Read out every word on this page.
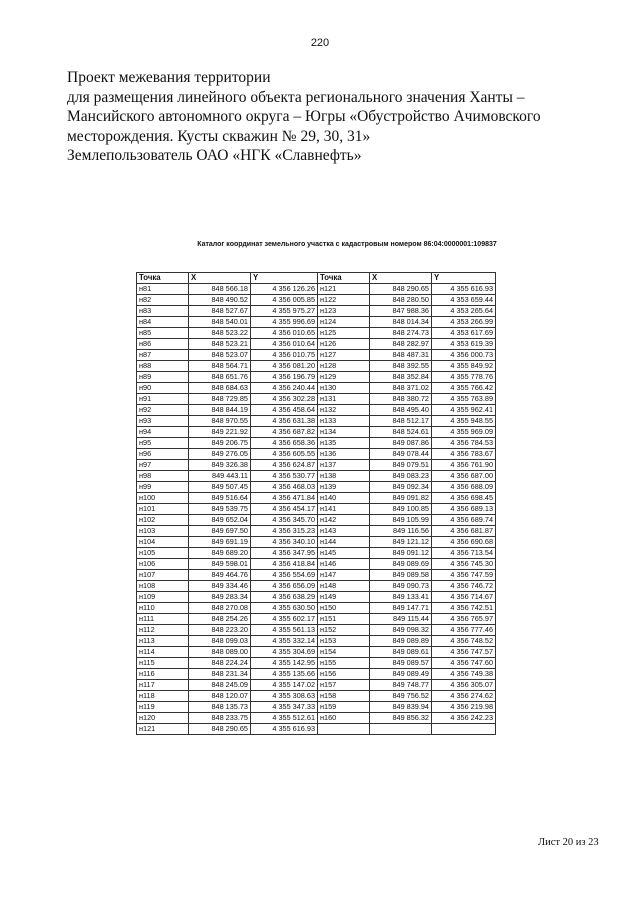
220
Проект межевания территории
для размещения линейного объекта регионального значения Ханты –
Мансийского автономного округа – Югры «Обустройство Ачимовского
месторождения. Кусты скважин № 29, 30, 31»
Землепользователь ОАО «НГК «Славнефть»
Каталог координат земельного участка с кадастровым номером 86:04:0000001:109837
Точка	X	Y	Точка	X	Y
н81	848 566.18	4 356 126.26	н121	848 290.65	4 355 616.93
н82	848 490.52	4 356 005.85	н122	848 280.50	4 353 659.44
н83	848 527.67	4 355 975.27	н123	847 988.36	4 353 265.64
н84	848 540.01	4 355 996.69	н124	848 014.34	4 353 266.99
н85	848 523.22	4 356 010.65	н125	848 274.73	4 353 617.69
н86	848 523.21	4 356 010.64	н126	848 282.97	4 353 619.39
н87	848 523.07	4 356 010.75	н127	848 487.31	4 356 000.73
н88	848 564.71	4 356 081.20	н128	848 392.55	4 355 849.92
н89	848 651.76	4 356 196.79	н129	848 352.84	4 355 778.76
н90	848 684.63	4 356 240.44	н130	848 371.02	4 355 766.42
н91	848 729.85	4 356 302.28	н131	848 380.72	4 355 763.89
н92	848 844.19	4 356 458.64	н132	848 495.40	4 355 962.41
н93	848 970.55	4 356 631.38	н133	848 512.17	4 355 948.55
н94	849 221.92	4 356 687.82	н134	848 524.61	4 355 969.09
н95	849 206.75	4 356 658.36	н135	849 087.86	4 356 784.53
н96	849 276.05	4 356 605.55	н136	849 078.44	4 356 783.67
н97	849 326.38	4 356 624.87	н137	849 079.51	4 356 761.90
н98	849 443.11	4 356 530.77	н138	849 083.23	4 356 687.00
н99	849 507.45	4 356 468.03	н139	849 092.34	4 356 688.09
н100	849 516.64	4 356 471.84	н140	849 091.82	4 356 698.45
н101	849 539.75	4 356 454.17	н141	849 100.85	4 356 689.13
н102	849 652.04	4 356 345.70	н142	849 105.99	4 356 689.74
н103	849 697.50	4 356 315.23	н143	849 116.56	4 356 681.87
н104	849 691.19	4 356 340.10	н144	849 121.12	4 356 690.68
н105	849 689.20	4 356 347.95	н145	849 091.12	4 356 713.54
н106	849 598.01	4 356 418.84	н146	849 089.69	4 356 745.30
н107	849 464.76	4 356 554.69	н147	849 089.58	4 356 747.59
н108	849 334.46	4 356 656.09	н148	849 090.73	4 356 746.72
н109	849 283.34	4 356 638.29	н149	849 133.41	4 356 714.67
н110	848 270.08	4 355 630.50	н150	849 147.71	4 356 742.51
н111	848 254.26	4 355 602.17	н151	849 115.44	4 356 765.97
н112	848 223.20	4 355 561.13	н152	849 098.32	4 356 777.46
н113	848 099.03	4 355 332.14	н153	849 089.89	4 356 748.52
н114	848 089.00	4 355 304.69	н154	849 089.61	4 356 747.57
н115	848 224.24	4 355 142.95	н155	849 089.57	4 356 747.60
н116	848 231.34	4 355 135.66	н156	849 089.49	4 356 749.38
н117	848 245.09	4 355 147.02	н157	849 748.77	4 356 305.07
н118	848 120.07	4 355 308.63	н158	849 756.52	4 356 274.62
н119	848 135.73	4 355 347.33	н159	849 839.94	4 356 219.98
н120	848 233.75	4 355 512.61	н160	849 856.32	4 356 242.23
н121	848 290.65	4 355 616.93			
Лист 20 из 23
